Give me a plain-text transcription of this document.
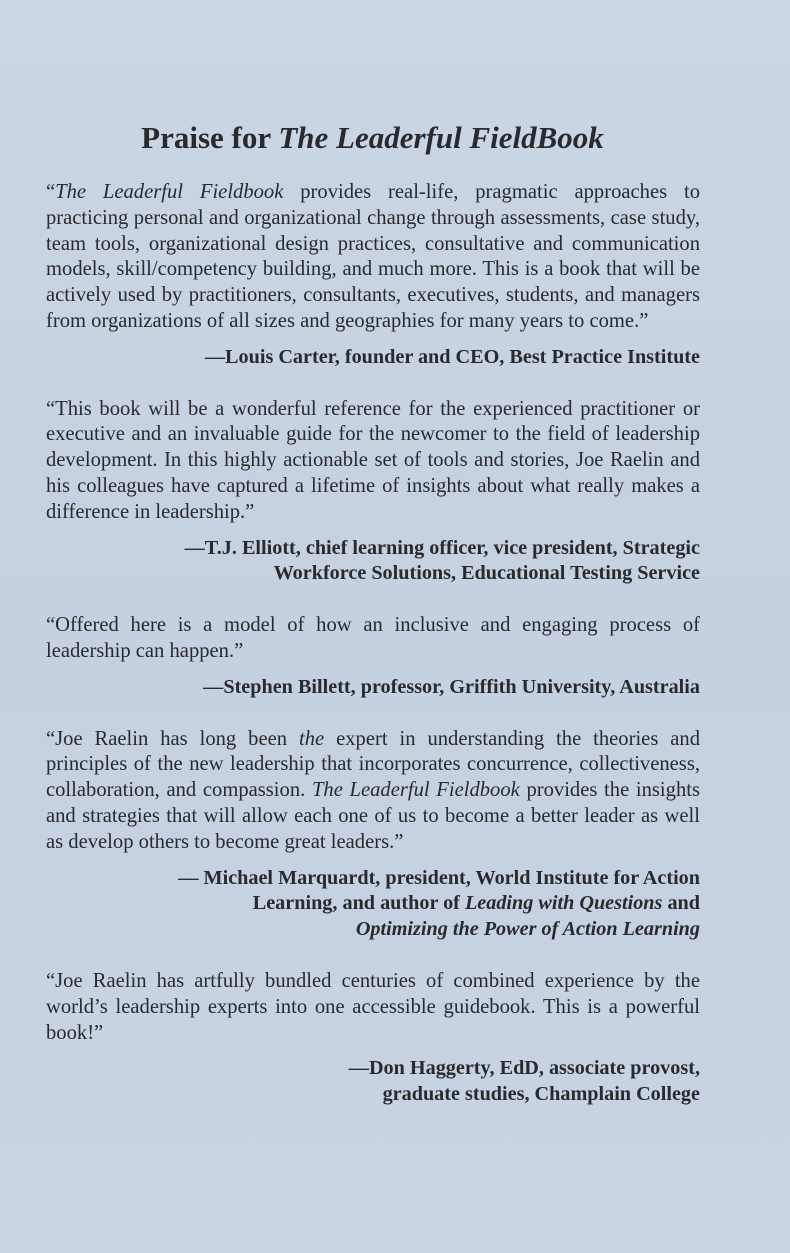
Praise for The Leaderful FieldBook

“The Leaderful Fieldbook provides real-life, pragmatic approaches to practicing personal and organizational change through assessments, case study, team tools, organizational design practices, consultative and communication models, skill/competency building, and much more. This is a book that will be actively used by practitioners, consultants, executives, students, and managers from organizations of all sizes and geographies for many years to come.”

—Louis Carter, founder and CEO, Best Practice Institute

“This book will be a wonderful reference for the experienced practitioner or executive and an invaluable guide for the newcomer to the field of leadership development. In this highly actionable set of tools and stories, Joe Raelin and his colleagues have captured a lifetime of insights about what really makes a difference in leadership.”

—T.J. Elliott, chief learning officer, vice president, Strategic
Workforce Solutions, Educational Testing Service

“Offered here is a model of how an inclusive and engaging process of leadership can happen.”

—Stephen Billett, professor, Griffith University, Australia

“Joe Raelin has long been the expert in understanding the theories and principles of the new leadership that incorporates concurrence, collectiveness, collaboration, and compassion. The Leaderful Fieldbook provides the insights and strategies that will allow each one of us to become a better leader as well as develop others to become great leaders.”

— Michael Marquardt, president, World Institute for Action
Learning, and author of Leading with Questions and
Optimizing the Power of Action Learning

“Joe Raelin has artfully bundled centuries of combined experience by the world’s leadership experts into one accessible guidebook. This is a powerful book!”

—Don Haggerty, EdD, associate provost,
graduate studies, Champlain College
